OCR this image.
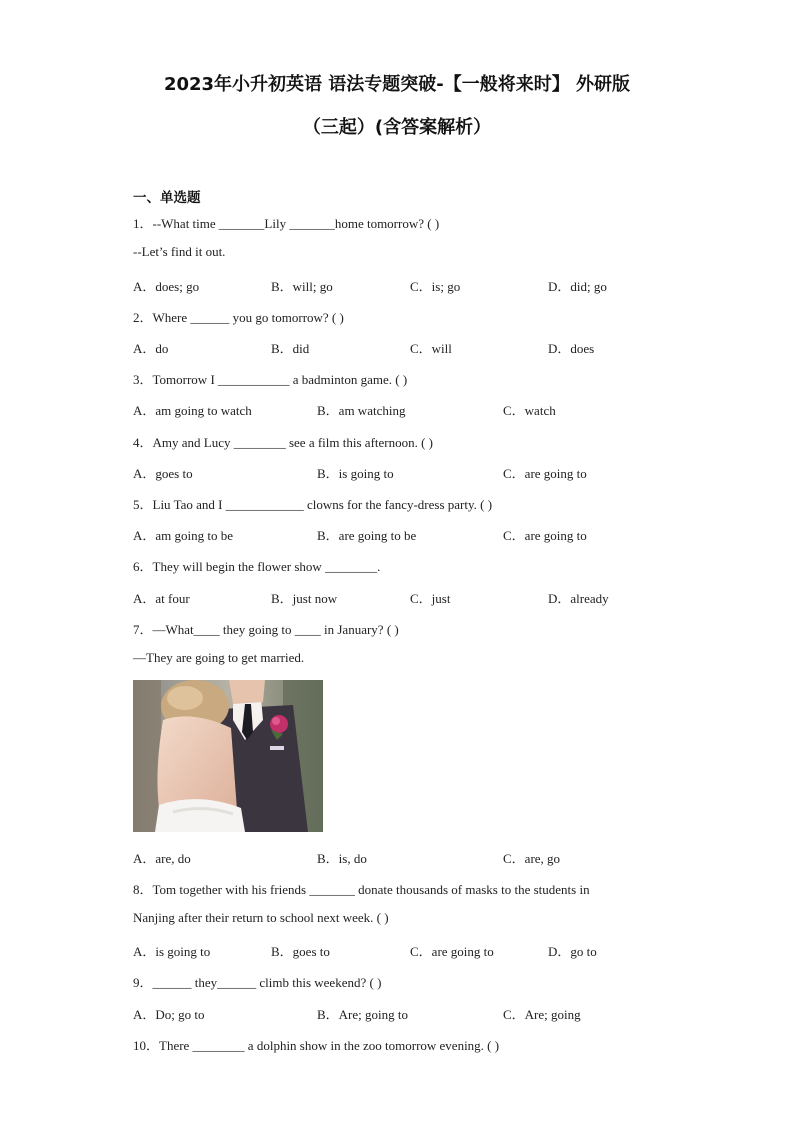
2023年小升初英语 语法专题突破-【一般将来时】 外研版
（三起）(含答案解析）
一、单选题
1．--What time _______Lily _______home tomorrow? ( )
--Let’s find it out.
A．does; go	B．will; go	C．is; go	D．did; go
2．Where ______ you go tomorrow? ( )
A．do	B．did	C．will	D．does
3．Tomorrow I ___________ a badminton game. ( )
A．am going to watch	B．am watching	C．watch
4．Amy and Lucy ________ see a film this afternoon. ( )
A．goes to	B．is going to	C．are going to
5．Liu Tao and I ____________ clowns for the fancy-dress party. ( )
A．am going to be	B．are going to be	C．are going to
6．They will begin the flower show ________.
A．at four	B．just now	C．just	D．already
7．—What____ they going to ____ in January? ( )
—They are going to get married.
A．are, do	B．is, do	C．are, go
8．Tom together with his friends _______ donate thousands of masks to the students in
Nanjing after their return to school next week. ( )
A．is going to	B．goes to	C．are going to	D．go to
9．______ they______ climb this weekend? ( )
A．Do; go to	B．Are; going to	C．Are; going
10．There ________ a dolphin show in the zoo tomorrow evening. ( )
